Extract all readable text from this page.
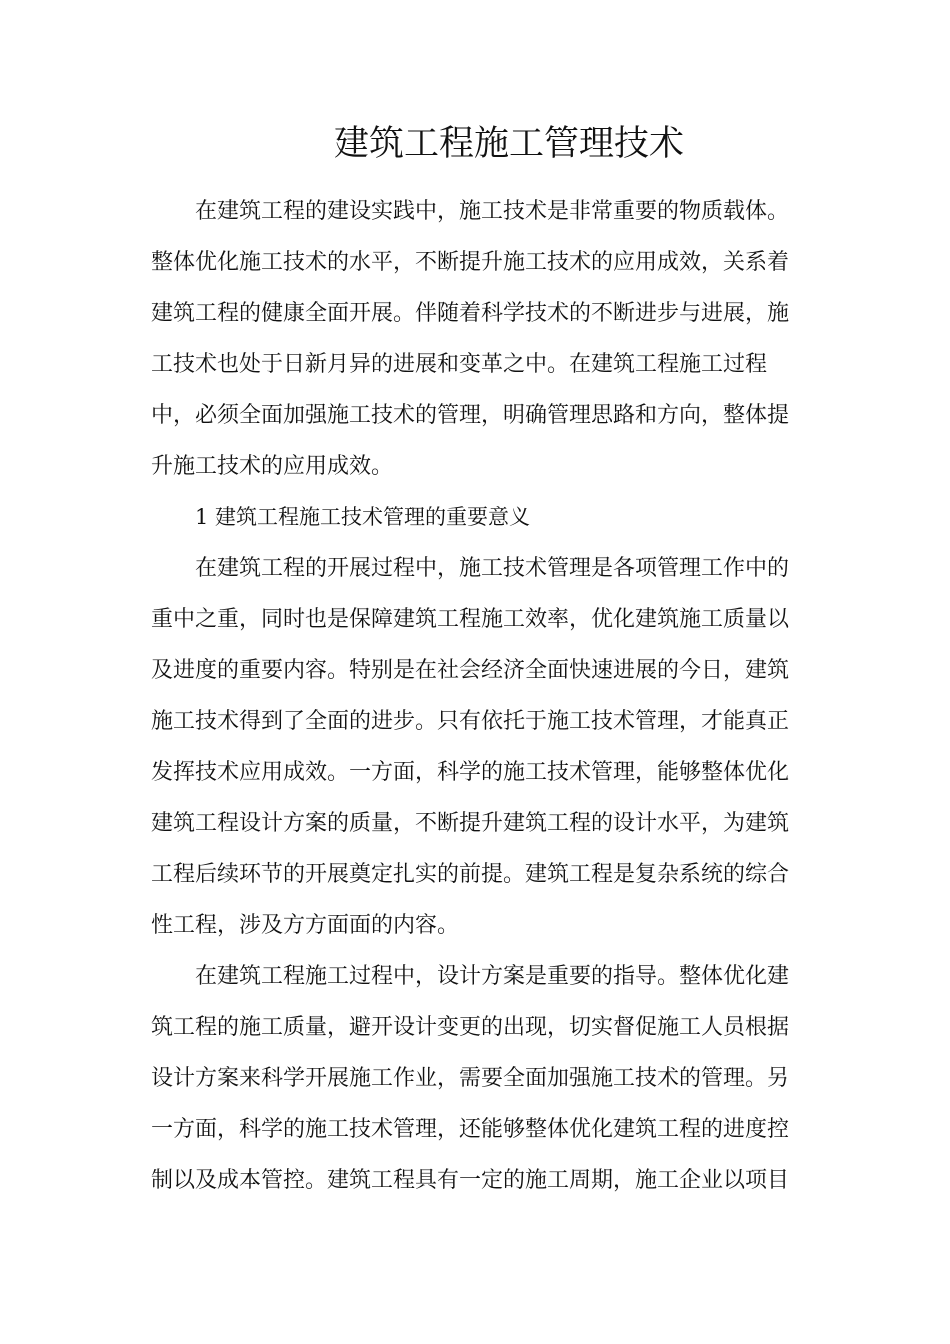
建筑工程施工管理技术

在建筑工程的建设实践中，施工技术是非常重要的物质载体。
整体优化施工技术的水平，不断提升施工技术的应用成效，关系着
建筑工程的健康全面开展。伴随着科学技术的不断进步与进展，施
工技术也处于日新月异的进展和变革之中。在建筑工程施工过程
中，必须全面加强施工技术的管理，明确管理思路和方向，整体提
升施工技术的应用成效。

1 建筑工程施工技术管理的重要意义

在建筑工程的开展过程中，施工技术管理是各项管理工作中的
重中之重，同时也是保障建筑工程施工效率，优化建筑施工质量以
及进度的重要内容。特别是在社会经济全面快速进展的今日，建筑
施工技术得到了全面的进步。只有依托于施工技术管理，才能真正
发挥技术应用成效。一方面，科学的施工技术管理，能够整体优化
建筑工程设计方案的质量，不断提升建筑工程的设计水平，为建筑
工程后续环节的开展奠定扎实的前提。建筑工程是复杂系统的综合
性工程，涉及方方面面的内容。

在建筑工程施工过程中，设计方案是重要的指导。整体优化建
筑工程的施工质量，避开设计变更的出现，切实督促施工人员根据
设计方案来科学开展施工作业，需要全面加强施工技术的管理。另
一方面，科学的施工技术管理，还能够整体优化建筑工程的进度控
制以及成本管控。建筑工程具有一定的施工周期，施工企业以项目
